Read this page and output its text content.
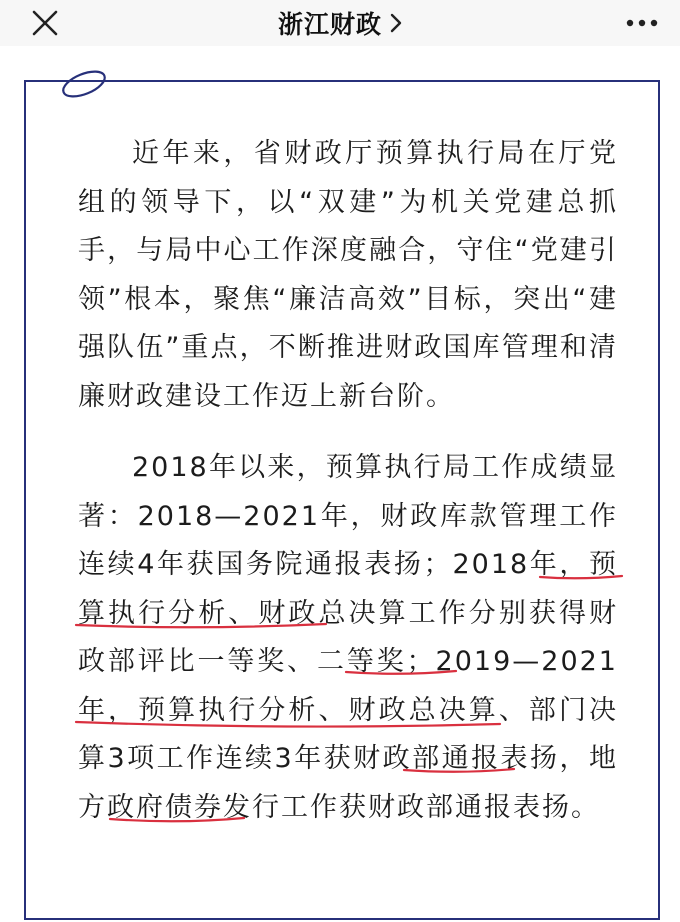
浙江财政

近年来，省财政厅预算执行局在厅党组的领导下，以“双建”为机关党建总抓手，与局中心工作深度融合，守住“党建引领”根本，聚焦“廉洁高效”目标，突出“建强队伍”重点，不断推进财政国库管理和清廉财政建设工作迈上新台阶。

2018年以来，预算执行局工作成绩显著：2018—2021年，财政库款管理工作连续4年获国务院通报表扬；2018年，预算执行分析、财政总决算工作分别获得财政部评比一等奖、二等奖；2019—2021年，预算执行分析、财政总决算、部门决算3项工作连续3年获财政部通报表扬，地方政府债券发行工作获财政部通报表扬。
